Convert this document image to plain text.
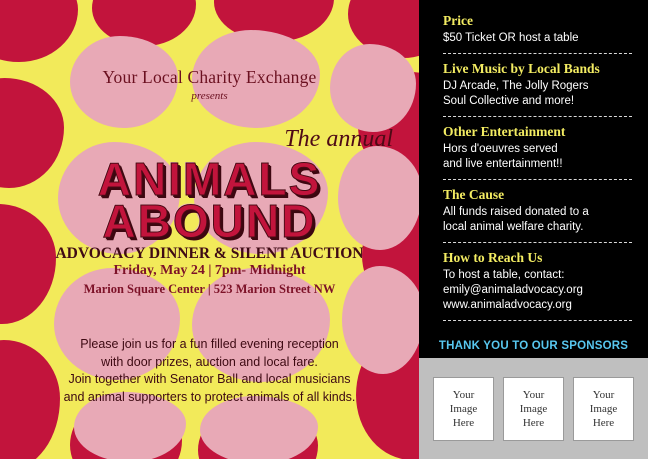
Your Local Charity Exchange
presents
The annual
ANIMALS
ABOUND
ADVOCACY DINNER & SILENT AUCTION
Friday, May 24 | 7pm- Midnight
Marion Square Center | 523 Marion Street NW
Please join us for a fun filled evening reception
with door prizes, auction and local fare.
Join together with Senator Ball and local musicians
and animal supporters to protect animals of all kinds.
Price

$50 Ticket OR host a table

Live Music by Local Bands

DJ Arcade, The Jolly Rogers

Soul Collective and more!

Other Entertainment

Hors d'oeuvres served

and live entertainment!!

The Cause

All funds raised donated to a

local animal welfare charity.

How to Reach Us

To host a table, contact:

emily@animaladvocacy.org

www.animaladvocacy.org

THANK YOU TO OUR SPONSORS
Your
Image
Here
Your
Image
Here
Your
Image
Here
